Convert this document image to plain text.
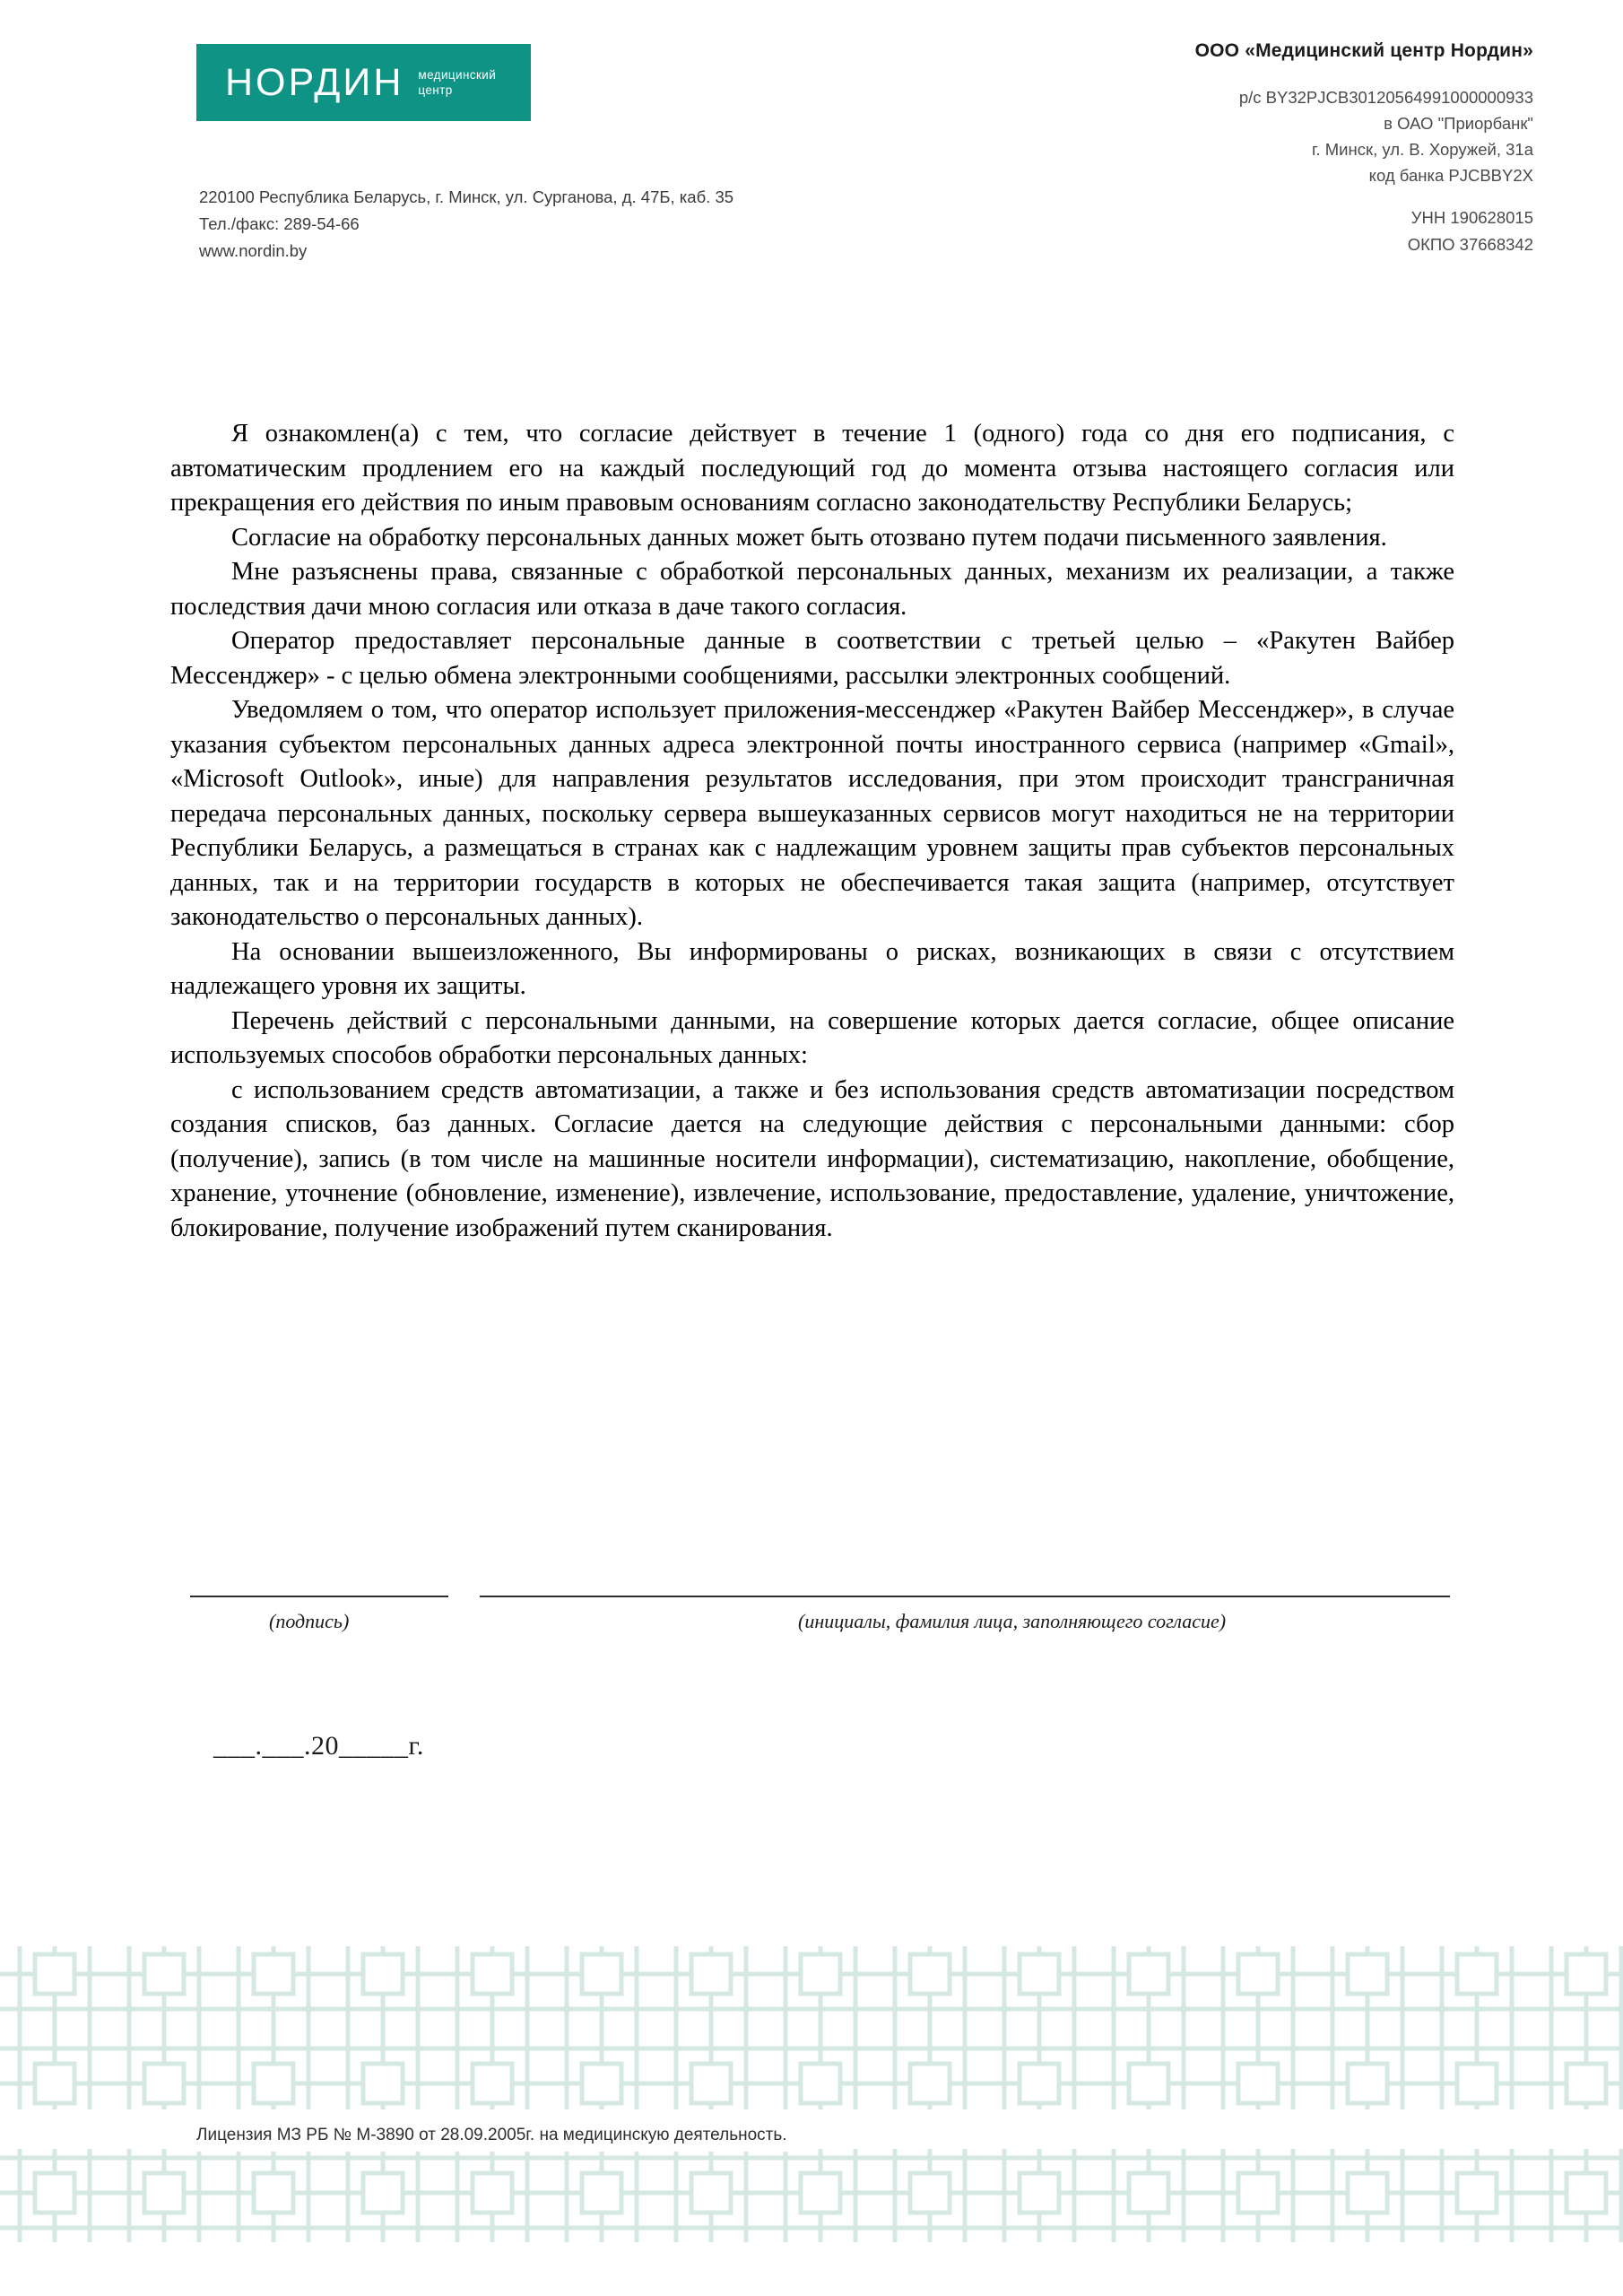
НОРДИН медицинский
центр
220100 Республика Беларусь, г. Минск, ул. Сурганова, д. 47Б, каб. 35
Тел./факс: 289-54-66
www.nordin.by
ООО «Медицинский центр Нордин»
р/с BY32PJCB30120564991000000933
в ОАО "Приорбанк"
г. Минск, ул. В. Хоружей, 31а
код банка PJCBBY2X
УНН 190628015
ОКПО 37668342

Я ознакомлен(а) с тем, что согласие действует в течение 1 (одного) года со дня его подписания, с автоматическим продлением его на каждый последующий год до момента отзыва настоящего согласия или прекращения его действия по иным правовым основаниям согласно законодательству Республики Беларусь;

Согласие на обработку персональных данных может быть отозвано путем подачи письменного заявления.

Мне разъяснены права, связанные с обработкой персональных данных, механизм их реализации, а также последствия дачи мною согласия или отказа в даче такого согласия.

Оператор предоставляет персональные данные в соответствии с третьей целью – «Ракутен Вайбер Мессенджер» - с целью обмена электронными сообщениями, рассылки электронных сообщений.

Уведомляем о том, что оператор использует приложения-мессенджер «Ракутен Вайбер Мессенджер», в случае указания субъектом персональных данных адреса электронной почты иностранного сервиса (например «Gmail», «Microsoft Outlook», иные) для направления результатов исследования, при этом происходит трансграничная передача персональных данных, поскольку сервера вышеуказанных сервисов могут находиться не на территории Республики Беларусь, а размещаться в странах как с надлежащим уровнем защиты прав субъектов персональных данных, так и на территории государств в которых не обеспечивается такая защита (например, отсутствует законодательство о персональных данных).

На основании вышеизложенного, Вы информированы о рисках, возникающих в связи с отсутствием надлежащего уровня их защиты.

Перечень действий с персональными данными, на совершение которых дается согласие, общее описание используемых способов обработки персональных данных:

с использованием средств автоматизации, а также и без использования средств автоматизации посредством создания списков, баз данных. Согласие дается на следующие действия с персональными данными: сбор (получение), запись (в том числе на машинные носители информации), систематизацию, накопление, обобщение, хранение, уточнение (обновление, изменение), извлечение, использование, предоставление, удаление, уничтожение, блокирование, получение изображений путем сканирования.

(подпись)	(инициалы, фамилия лица, заполняющего согласие)
___.___.20_____г.
Лицензия МЗ РБ № М-3890 от 28.09.2005г. на медицинскую деятельность.
